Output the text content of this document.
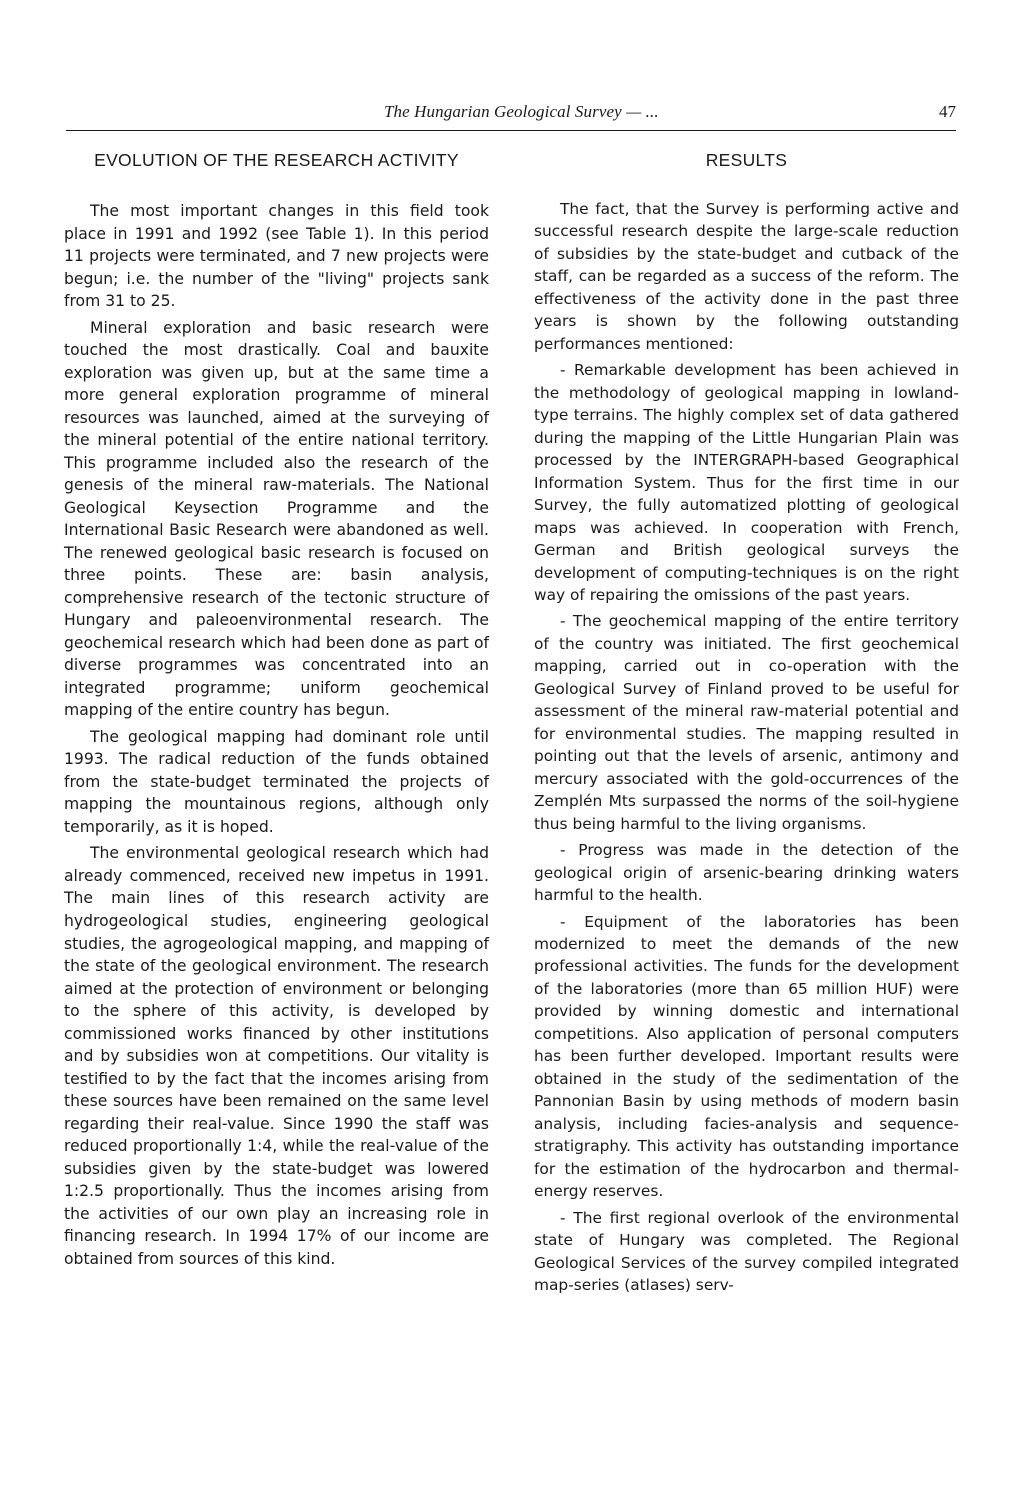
The Hungarian Geological Survey — ...	47
EVOLUTION OF THE RESEARCH ACTIVITY

The most important changes in this field took place in 1991 and 1992 (see Table 1). In this period 11 projects were terminated, and 7 new projects were begun; i.e. the number of the "living" projects sank from 31 to 25.

Mineral exploration and basic research were touched the most drastically. Coal and bauxite exploration was given up, but at the same time a more general exploration programme of mineral resources was launched, aimed at the surveying of the mineral potential of the entire national territory. This programme included also the research of the genesis of the mineral raw-materials. The National Geological Keysection Programme and the International Basic Research were abandoned as well. The renewed geological basic research is focused on three points. These are: basin analysis, comprehensive research of the tectonic structure of Hungary and paleoenvironmental research. The geochemical research which had been done as part of diverse programmes was concentrated into an integrated programme; uniform geochemical mapping of the entire country has begun.

The geological mapping had dominant role until 1993. The radical reduction of the funds obtained from the state-budget terminated the projects of mapping the mountainous regions, although only temporarily, as it is hoped.

The environmental geological research which had already commenced, received new impetus in 1991. The main lines of this research activity are hydrogeological studies, engineering geological studies, the agrogeological mapping, and mapping of the state of the geological environment. The research aimed at the protection of environment or belonging to the sphere of this activity, is developed by commissioned works financed by other institutions and by subsidies won at competitions. Our vitality is testified to by the fact that the incomes arising from these sources have been remained on the same level regarding their real-value. Since 1990 the staff was reduced proportionally 1:4, while the real-value of the subsidies given by the state-budget was lowered 1:2.5 proportionally. Thus the incomes arising from the activities of our own play an increasing role in financing research. In 1994 17% of our income are obtained from sources of this kind.

RESULTS

The fact, that the Survey is performing active and successful research despite the large-scale reduction of subsidies by the state-budget and cutback of the staff, can be regarded as a success of the reform. The effectiveness of the activity done in the past three years is shown by the following outstanding performances mentioned:

- Remarkable development has been achieved in the methodology of geological mapping in lowland-type terrains. The highly complex set of data gathered during the mapping of the Little Hungarian Plain was processed by the INTERGRAPH-based Geographical Information System. Thus for the first time in our Survey, the fully automatized plotting of geological maps was achieved. In cooperation with French, German and British geological surveys the development of computing-techniques is on the right way of repairing the omissions of the past years.

- The geochemical mapping of the entire territory of the country was initiated. The first geochemical mapping, carried out in co-operation with the Geological Survey of Finland proved to be useful for assessment of the mineral raw-material potential and for environmental studies. The mapping resulted in pointing out that the levels of arsenic, antimony and mercury associated with the gold-occurrences of the Zemplén Mts surpassed the norms of the soil-hygiene thus being harmful to the living organisms.

- Progress was made in the detection of the geological origin of arsenic-bearing drinking waters harmful to the health.

- Equipment of the laboratories has been modernized to meet the demands of the new professional activities. The funds for the development of the laboratories (more than 65 million HUF) were provided by winning domestic and international competitions. Also application of personal computers has been further developed. Important results were obtained in the study of the sedimentation of the Pannonian Basin by using methods of modern basin analysis, including facies-analysis and sequence-stratigraphy. This activity has outstanding importance for the estimation of the hydrocarbon and thermal-energy reserves.

- The first regional overlook of the environmental state of Hungary was completed. The Regional Geological Services of the survey compiled integrated map-series (atlases) serv-
